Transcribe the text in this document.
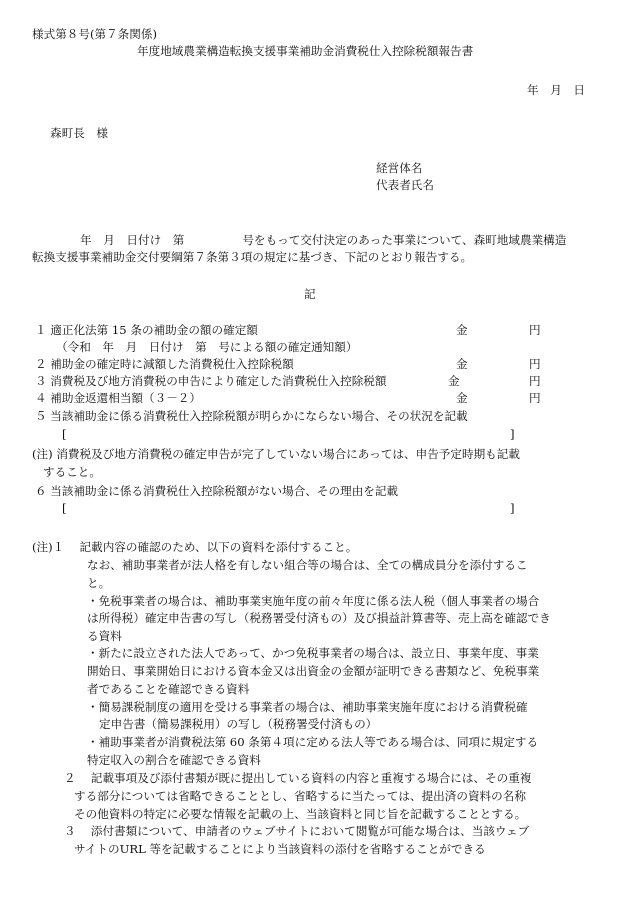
様式第８号(第７条関係)
年度地域農業構造転換支援事業補助金消費税仕入控除税額報告書
年　月　日
森町長　様
経営体名
代表者氏名
年　月　日付け　第　　　　　号をもって交付決定のあった事業について、森町地域農業構造
転換支援事業補助金交付要綱第７条第３項の規定に基づき、下記のとおり報告する。
記
１ 適正化法第 15 条の補助金の額の確定額	金	円
（令和　年　月　日付け　第　号による額の確定通知額）
２ 補助金の確定時に減額した消費税仕入控除税額	金	円
３ 消費税及び地方消費税の申告により確定した消費税仕入控除税額	金	円
４ 補助金返還相当額（３－２）	金	円
５ 当該補助金に係る消費税仕入控除税額が明らかにならない場合、その状況を記載
[	]
(注) 消費税及び地方消費税の確定申告が完了していない場合にあっては、申告予定時期も記載
すること。
６ 当該補助金に係る消費税仕入控除税額がない場合、その理由を記載
[	]
(注)１　 記載内容の確認のため、以下の資料を添付すること。
なお、補助事業者が法人格を有しない組合等の場合は、全ての構成員分を添付するこ
と。
・免税事業者の場合は、補助事業実施年度の前々年度に係る法人税（個人事業者の場合
は所得税）確定申告書の写し（税務署受付済もの）及び損益計算書等、売上高を確認でき
る資料
・新たに設立された法人であって、かつ免税事業者の場合は、設立日、事業年度、事業
開始日、事業開始日における資本金又は出資金の金額が証明できる書類など、免税事業
者であることを確認できる資料
・簡易課税制度の適用を受ける事業者の場合は、補助事業実施年度における消費税確
定申告書（簡易課税用）の写し（税務署受付済もの）
・補助事業者が消費税法第 60 条第４項に定める法人等である場合は、同項に規定する
特定収入の割合を確認できる資料
２　 記載事項及び添付書類が既に提出している資料の内容と重複する場合には、その重複
する部分については省略できることとし、省略するに当たっては、提出済の資料の名称
その他資料の特定に必要な情報を記載の上、当該資料と同じ旨を記載することとする。
３　 添付書類について、申請者のウェブサイトにおいて閲覧が可能な場合は、当該ウェブ
サイトのURL 等を記載することにより当該資料の添付を省略することができる
